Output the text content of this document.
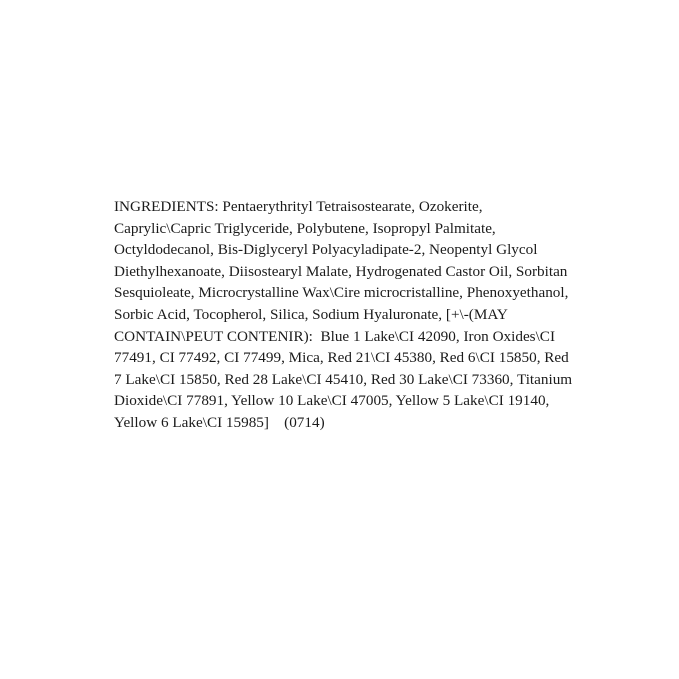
INGREDIENTS: Pentaerythrityl Tetraisostearate, Ozokerite, Caprylic\Capric Triglyceride, Polybutene, Isopropyl Palmitate, Octyldodecanol, Bis-Diglyceryl Polyacyladipate-2, Neopentyl Glycol Diethylhexanoate, Diisostearyl Malate, Hydrogenated Castor Oil, Sorbitan Sesquioleate, Microcrystalline Wax\Cire microcristalline, Phenoxyethanol, Sorbic Acid, Tocopherol, Silica, Sodium Hyaluronate, [+\-(MAY CONTAIN\PEUT CONTENIR):  Blue 1 Lake\CI 42090, Iron Oxides\CI 77491, CI 77492, CI 77499, Mica, Red 21\CI 45380, Red 6\CI 15850, Red 7 Lake\CI 15850, Red 28 Lake\CI 45410, Red 30 Lake\CI 73360, Titanium Dioxide\CI 77891, Yellow 10 Lake\CI 47005, Yellow 5 Lake\CI 19140, Yellow 6 Lake\CI 15985]    (0714)
